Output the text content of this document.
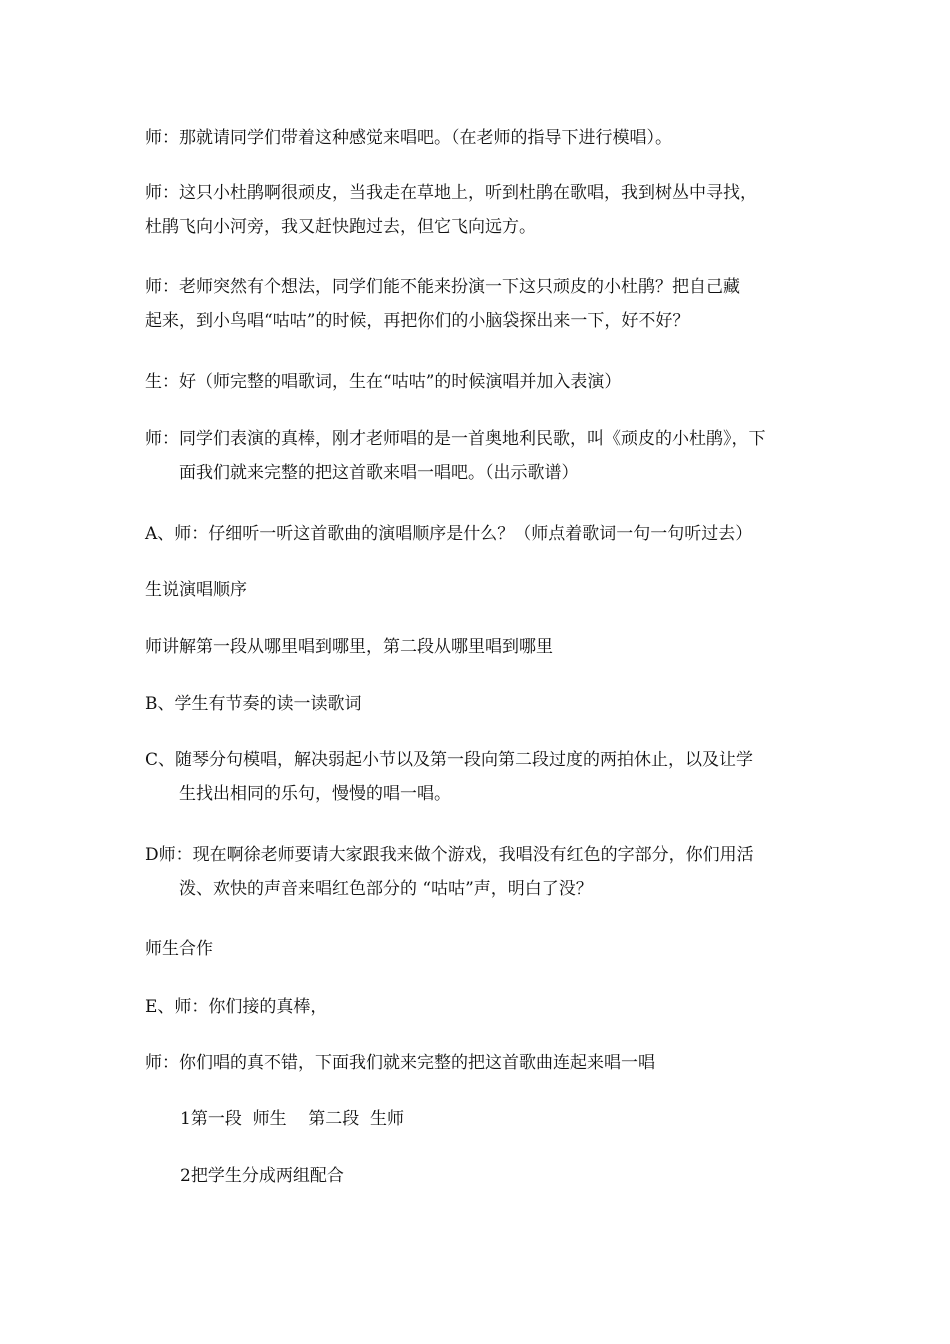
师：那就请同学们带着这种感觉来唱吧。（在老师的指导下进行模唱）。

师：这只小杜鹃啊很顽皮，当我走在草地上，听到杜鹃在歌唱，我到树丛中寻找，
杜鹃飞向小河旁，我又赶快跑过去，但它飞向远方。

师：老师突然有个想法，同学们能不能来扮演一下这只顽皮的小杜鹃？把自己藏
起来，到小鸟唱“咕咕”的时候，再把你们的小脑袋探出来一下，好不好？

生：好（师完整的唱歌词，生在“咕咕”的时候演唱并加入表演）

师：同学们表演的真棒，刚才老师唱的是一首奥地利民歌，叫《顽皮的小杜鹃》，下
面我们就来完整的把这首歌来唱一唱吧。（出示歌谱）

A、师：仔细听一听这首歌曲的演唱顺序是什么？（师点着歌词一句一句听过去）

生说演唱顺序

师讲解第一段从哪里唱到哪里，第二段从哪里唱到哪里

B、学生有节奏的读一读歌词

C、随琴分句模唱，解决弱起小节以及第一段向第二段过度的两拍休止，以及让学
生找出相同的乐句，慢慢的唱一唱。

D师：现在啊徐老师要请大家跟我来做个游戏，我唱没有红色的字部分，你们用活
泼、欢快的声音来唱红色部分的 “咕咕”声，明白了没？

师生合作

E、师：你们接的真棒，

师：你们唱的真不错，下面我们就来完整的把这首歌曲连起来唱一唱

1第一段  师生    第二段  生师

2把学生分成两组配合
